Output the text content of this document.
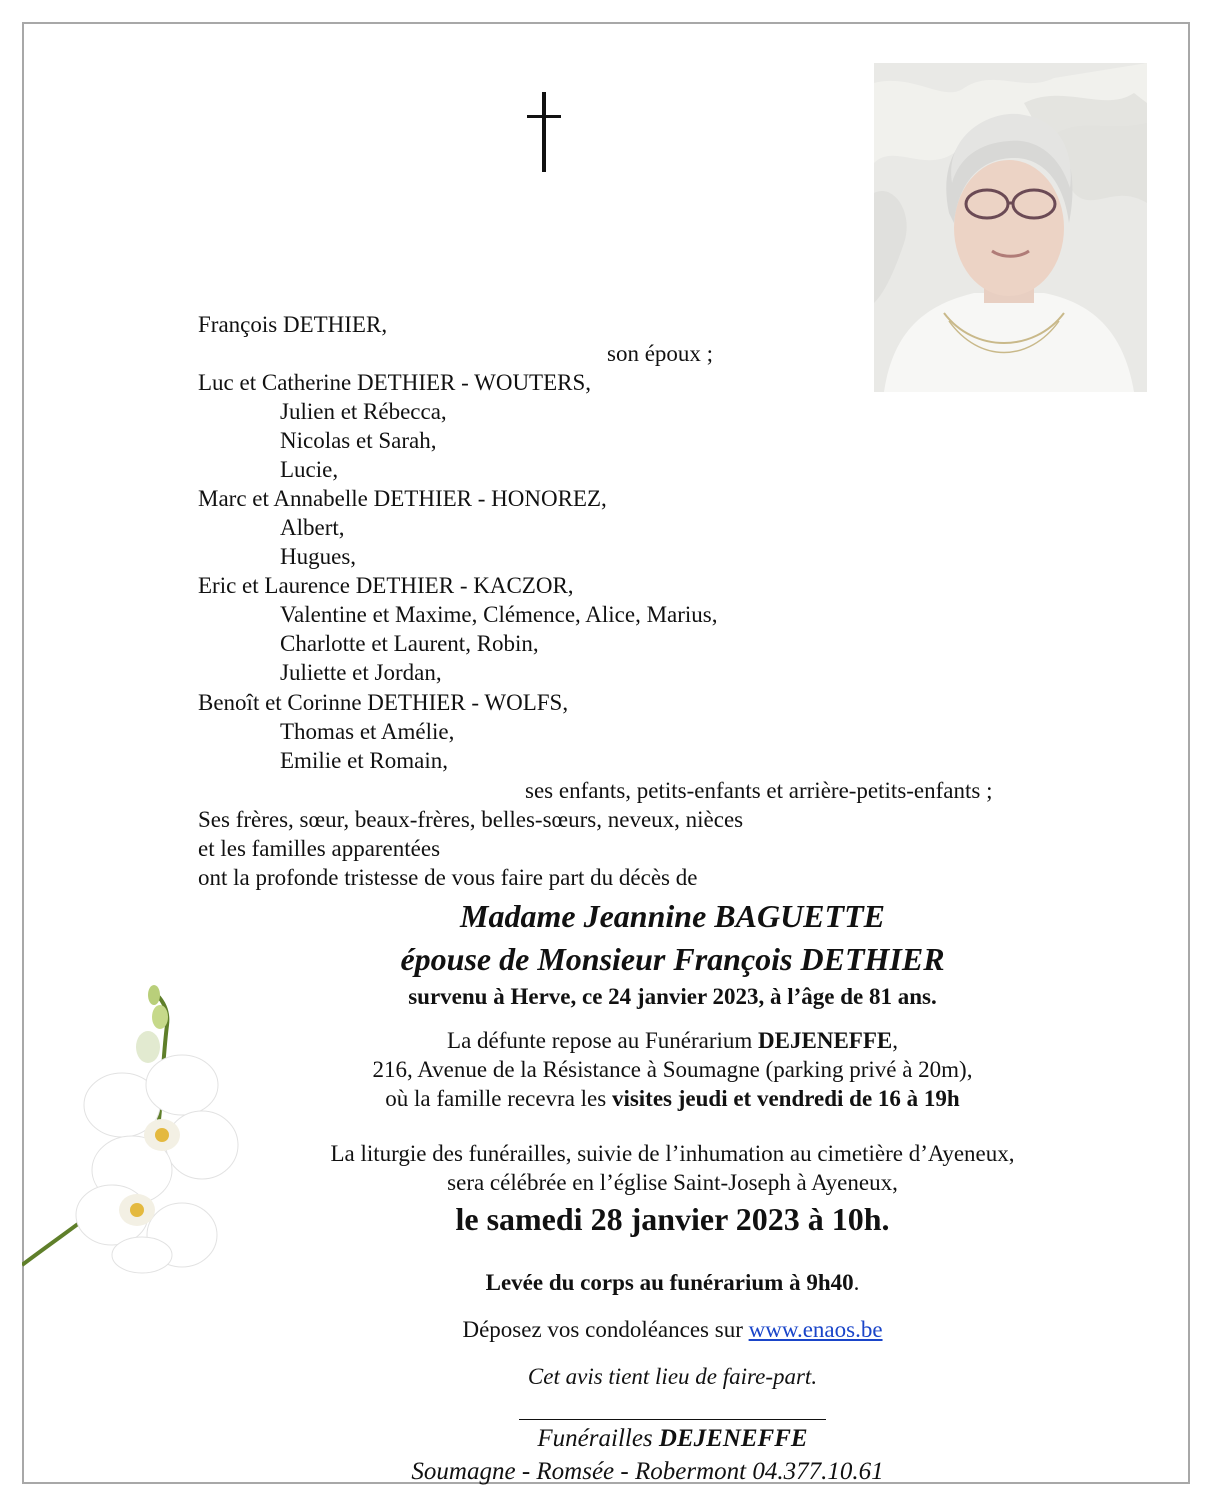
François DETHIER,
son époux ;
Luc et Catherine DETHIER - WOUTERS,
Julien et Rébecca,
Nicolas et Sarah,
Lucie,
Marc et Annabelle DETHIER - HONOREZ,
Albert,
Hugues,
Eric et Laurence DETHIER - KACZOR,
Valentine et Maxime, Clémence, Alice, Marius,
Charlotte et Laurent, Robin,
Juliette et Jordan,
Benoît et Corinne DETHIER - WOLFS,
Thomas et Amélie,
Emilie et Romain,
ses enfants, petits-enfants et arrière-petits-enfants ;
Ses frères, sœur, beaux-frères, belles-sœurs, neveux, nièces
et les familles apparentées
ont la profonde tristesse de vous faire part du décès de
Madame Jeannine BAGUETTE
épouse de Monsieur François DETHIER
survenu à Herve, ce 24 janvier 2023, à l’âge de 81 ans.
La défunte repose au Funérarium DEJENEFFE,
216, Avenue de la Résistance à Soumagne (parking privé à 20m),
où la famille recevra les visites jeudi et vendredi de 16 à 19h
La liturgie des funérailles, suivie de l’inhumation au cimetière d’Ayeneux,
sera célébrée en l’église Saint-Joseph à Ayeneux,
le samedi 28 janvier 2023 à 10h.
Levée du corps au funérarium à 9h40.
Déposez vos condoléances sur www.enaos.be
Cet avis tient lieu de faire-part.
Funérailles DEJENEFFE
Soumagne - Romsée - Robermont 04.377.10.61
